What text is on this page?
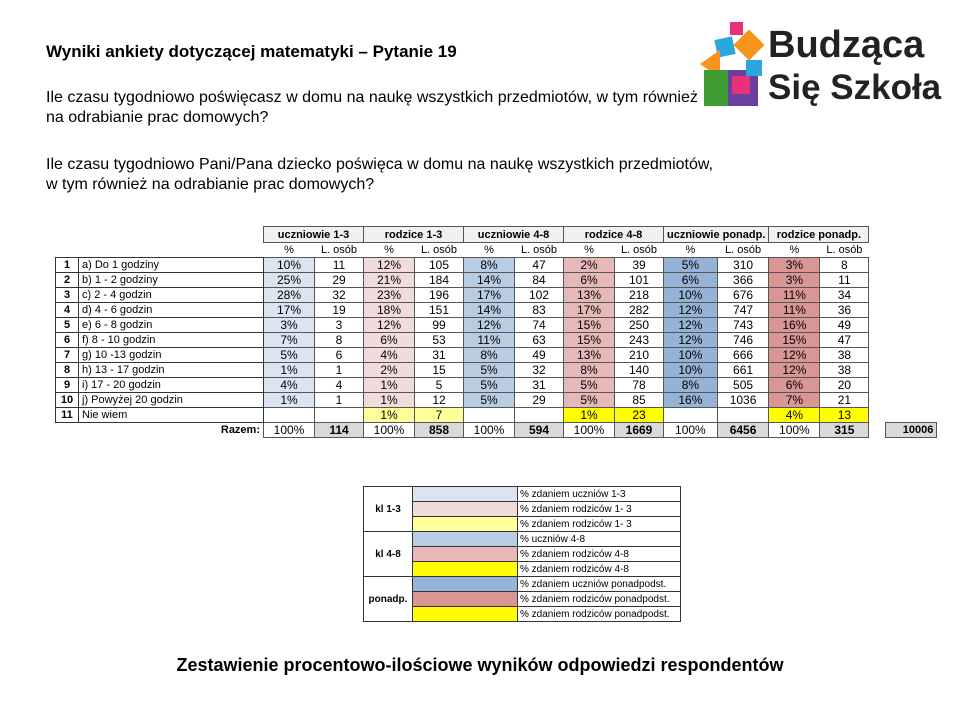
Wyniki ankiety dotyczącej matematyki – Pytanie 19

Ile czasu tygodniowo poświęcasz w domu na naukę wszystkich przedmiotów, w tym również na odrabianie prac domowych?

Ile czasu tygodniowo Pani/Pana dziecko poświęca w domu na naukę wszystkich przedmiotów, w tym również na odrabianie prac domowych?

Budząca
Się Szkoła
		uczniowie 1-3		rodzice 1-3		uczniowie 4-8		rodzice 4-8		uczniowie ponadp.		rodzice ponadp.			
		%	L. osób	%	L. osób	%	L. osób	%	L. osób	%	L. osób	%	L. osób		
1	a) Do 1 godziny	10%	11	12%	105	8%	47	2%	39	5%	310	3%	8		
2	b) 1 - 2 godziny	25%	29	21%	184	14%	84	6%	101	6%	366	3%	11		
3	c) 2 - 4 godzin	28%	32	23%	196	17%	102	13%	218	10%	676	11%	34		
4	d) 4 - 6 godzin	17%	19	18%	151	14%	83	17%	282	12%	747	11%	36		
5	e) 6 - 8 godzin	3%	3	12%	99	12%	74	15%	250	12%	743	16%	49		
6	f) 8 - 10 godzin	7%	8	6%	53	11%	63	15%	243	12%	746	15%	47		
7	g) 10 -13 godzin	5%	6	4%	31	8%	49	13%	210	10%	666	12%	38		
8	h) 13 - 17 godzin	1%	1	2%	15	5%	32	8%	140	10%	661	12%	38		
9	i) 17 - 20 godzin	4%	4	1%	5	5%	31	5%	78	8%	505	6%	20		
10	j) Powyżej 20 godzin	1%	1	1%	12	5%	29	5%	85	16%	1036	7%	21		
11	Nie wiem			1%	7			1%	23			4%	13		
	Razem:	100%	114	100%	858	100%	594	100%	1669	100%	6456	100%	315		10006
kl 1-3		% zdaniem uczniów 1-3
		% zdaniem rodziców 1- 3
		% zdaniem rodziców 1- 3
kl 4-8		% uczniów 4-8
		% zdaniem rodziców 4-8
		% zdaniem rodziców 4-8
ponadp.		% zdaniem uczniów ponadpodst.
		% zdaniem rodziców ponadpodst.
		% zdaniem rodziców ponadpodst.

Zestawienie procentowo-ilościowe wyników odpowiedzi respondentów
